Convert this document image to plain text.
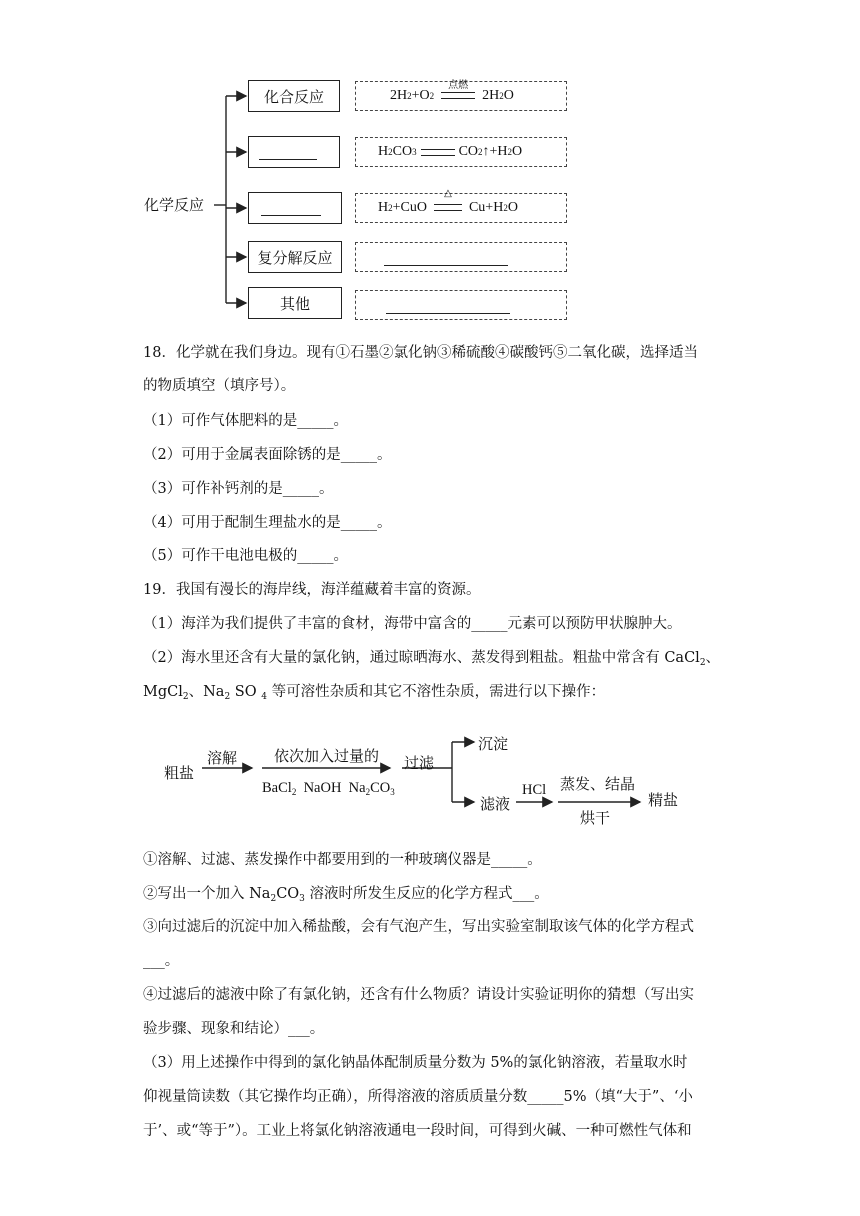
化学反应
化合反应	2H 2 +O 2
点燃
2H 2 O
H 2 CO 3	CO 2 ↑+H 2 O
H 2 +CuO
△
Cu+H 2 O
复分解反应
其他
18．化学就在我们身边。现有①石墨②氯化钠③稀硫酸④碳酸钙⑤二氧化碳，选择适当
的物质填空（填序号）。
（1）可作气体肥料的是_____。
（2）可用于金属表面除锈的是_____。
（3）可作补钙剂的是_____。
（4）可用于配制生理盐水的是_____。
（5）可作干电池电极的_____。
19．我国有漫长的海岸线，海洋蕴藏着丰富的资源。
（1）海洋为我们提供了丰富的食材，海带中富含的_____元素可以预防甲状腺肿大。
（2）海水里还含有大量的氯化钠，通过晾晒海水、蒸发得到粗盐。粗盐中常含有 CaCl$_2$、
MgCl$_2$、$Na_2$ SO $_4$ 等可溶性杂质和其它不溶性杂质，需进行以下操作：
粗盐
溶解 依次加入过量的
BaCl$_2$  NaOH  $Na_2CO_3$
过滤
沉淀
滤液
HCl 蒸发、结晶
烘干
精盐
①溶解、过滤、蒸发操作中都要用到的一种玻璃仪器是_____。
②写出一个加入 $Na_2CO_3$ 溶液时所发生反应的化学方程式___。
③向过滤后的沉淀中加入稀盐酸，会有气泡产生，写出实验室制取该气体的化学方程式
___。
④过滤后的滤液中除了有氯化钠，还含有什么物质？请设计实验证明你的猜想（写出实
验步骤、现象和结论）___。
（3）用上述操作中得到的氯化钠晶体配制质量分数为 5%的氯化钠溶液，若量取水时
仰视量筒读数（其它操作均正确），所得溶液的溶质质量分数_____5%（填“大于”、‘小
于’、或“等于”）。工业上将氯化钠溶液通电一段时间，可得到火碱、一种可燃性气体和
